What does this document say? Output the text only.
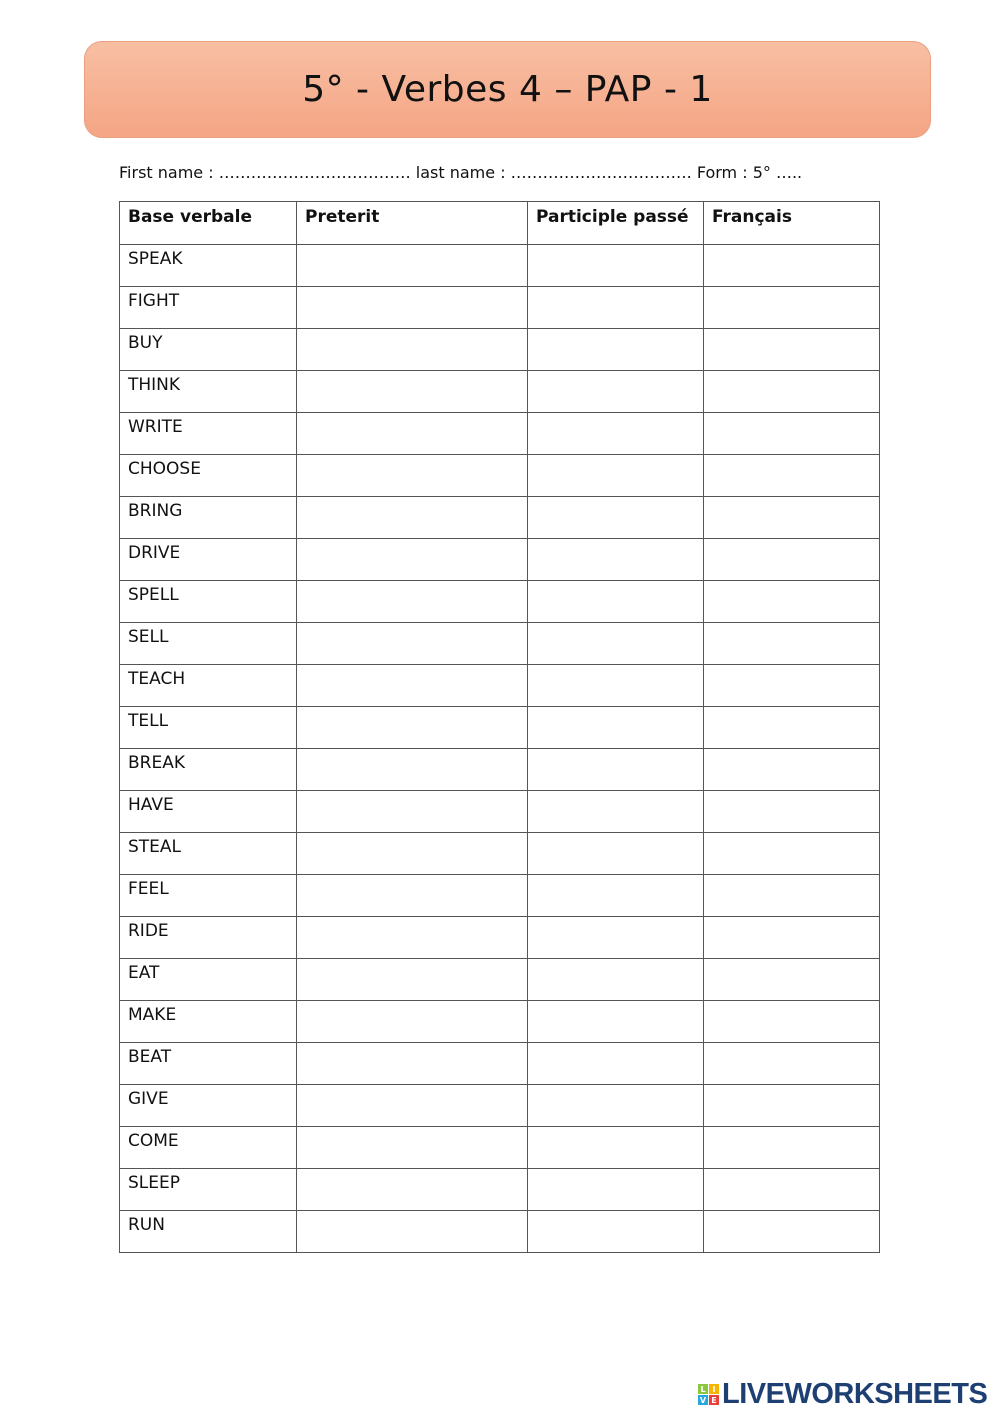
5° - Verbes 4 – PAP - 1
First name : ……………………………… last name : ……………………………. Form : 5° …..
Base verbale	Preterit	Participle passé	Français
SPEAK			
FIGHT			
BUY			
THINK			
WRITE			
CHOOSE			
BRING			
DRIVE			
SPELL			
SELL			
TEACH			
TELL			
BREAK			
HAVE			
STEAL			
FEEL			
RIDE			
EAT			
MAKE			
BEAT			
GIVE			
COME			
SLEEP			
RUN			
L I
V E LIVEWORKSHEETS
